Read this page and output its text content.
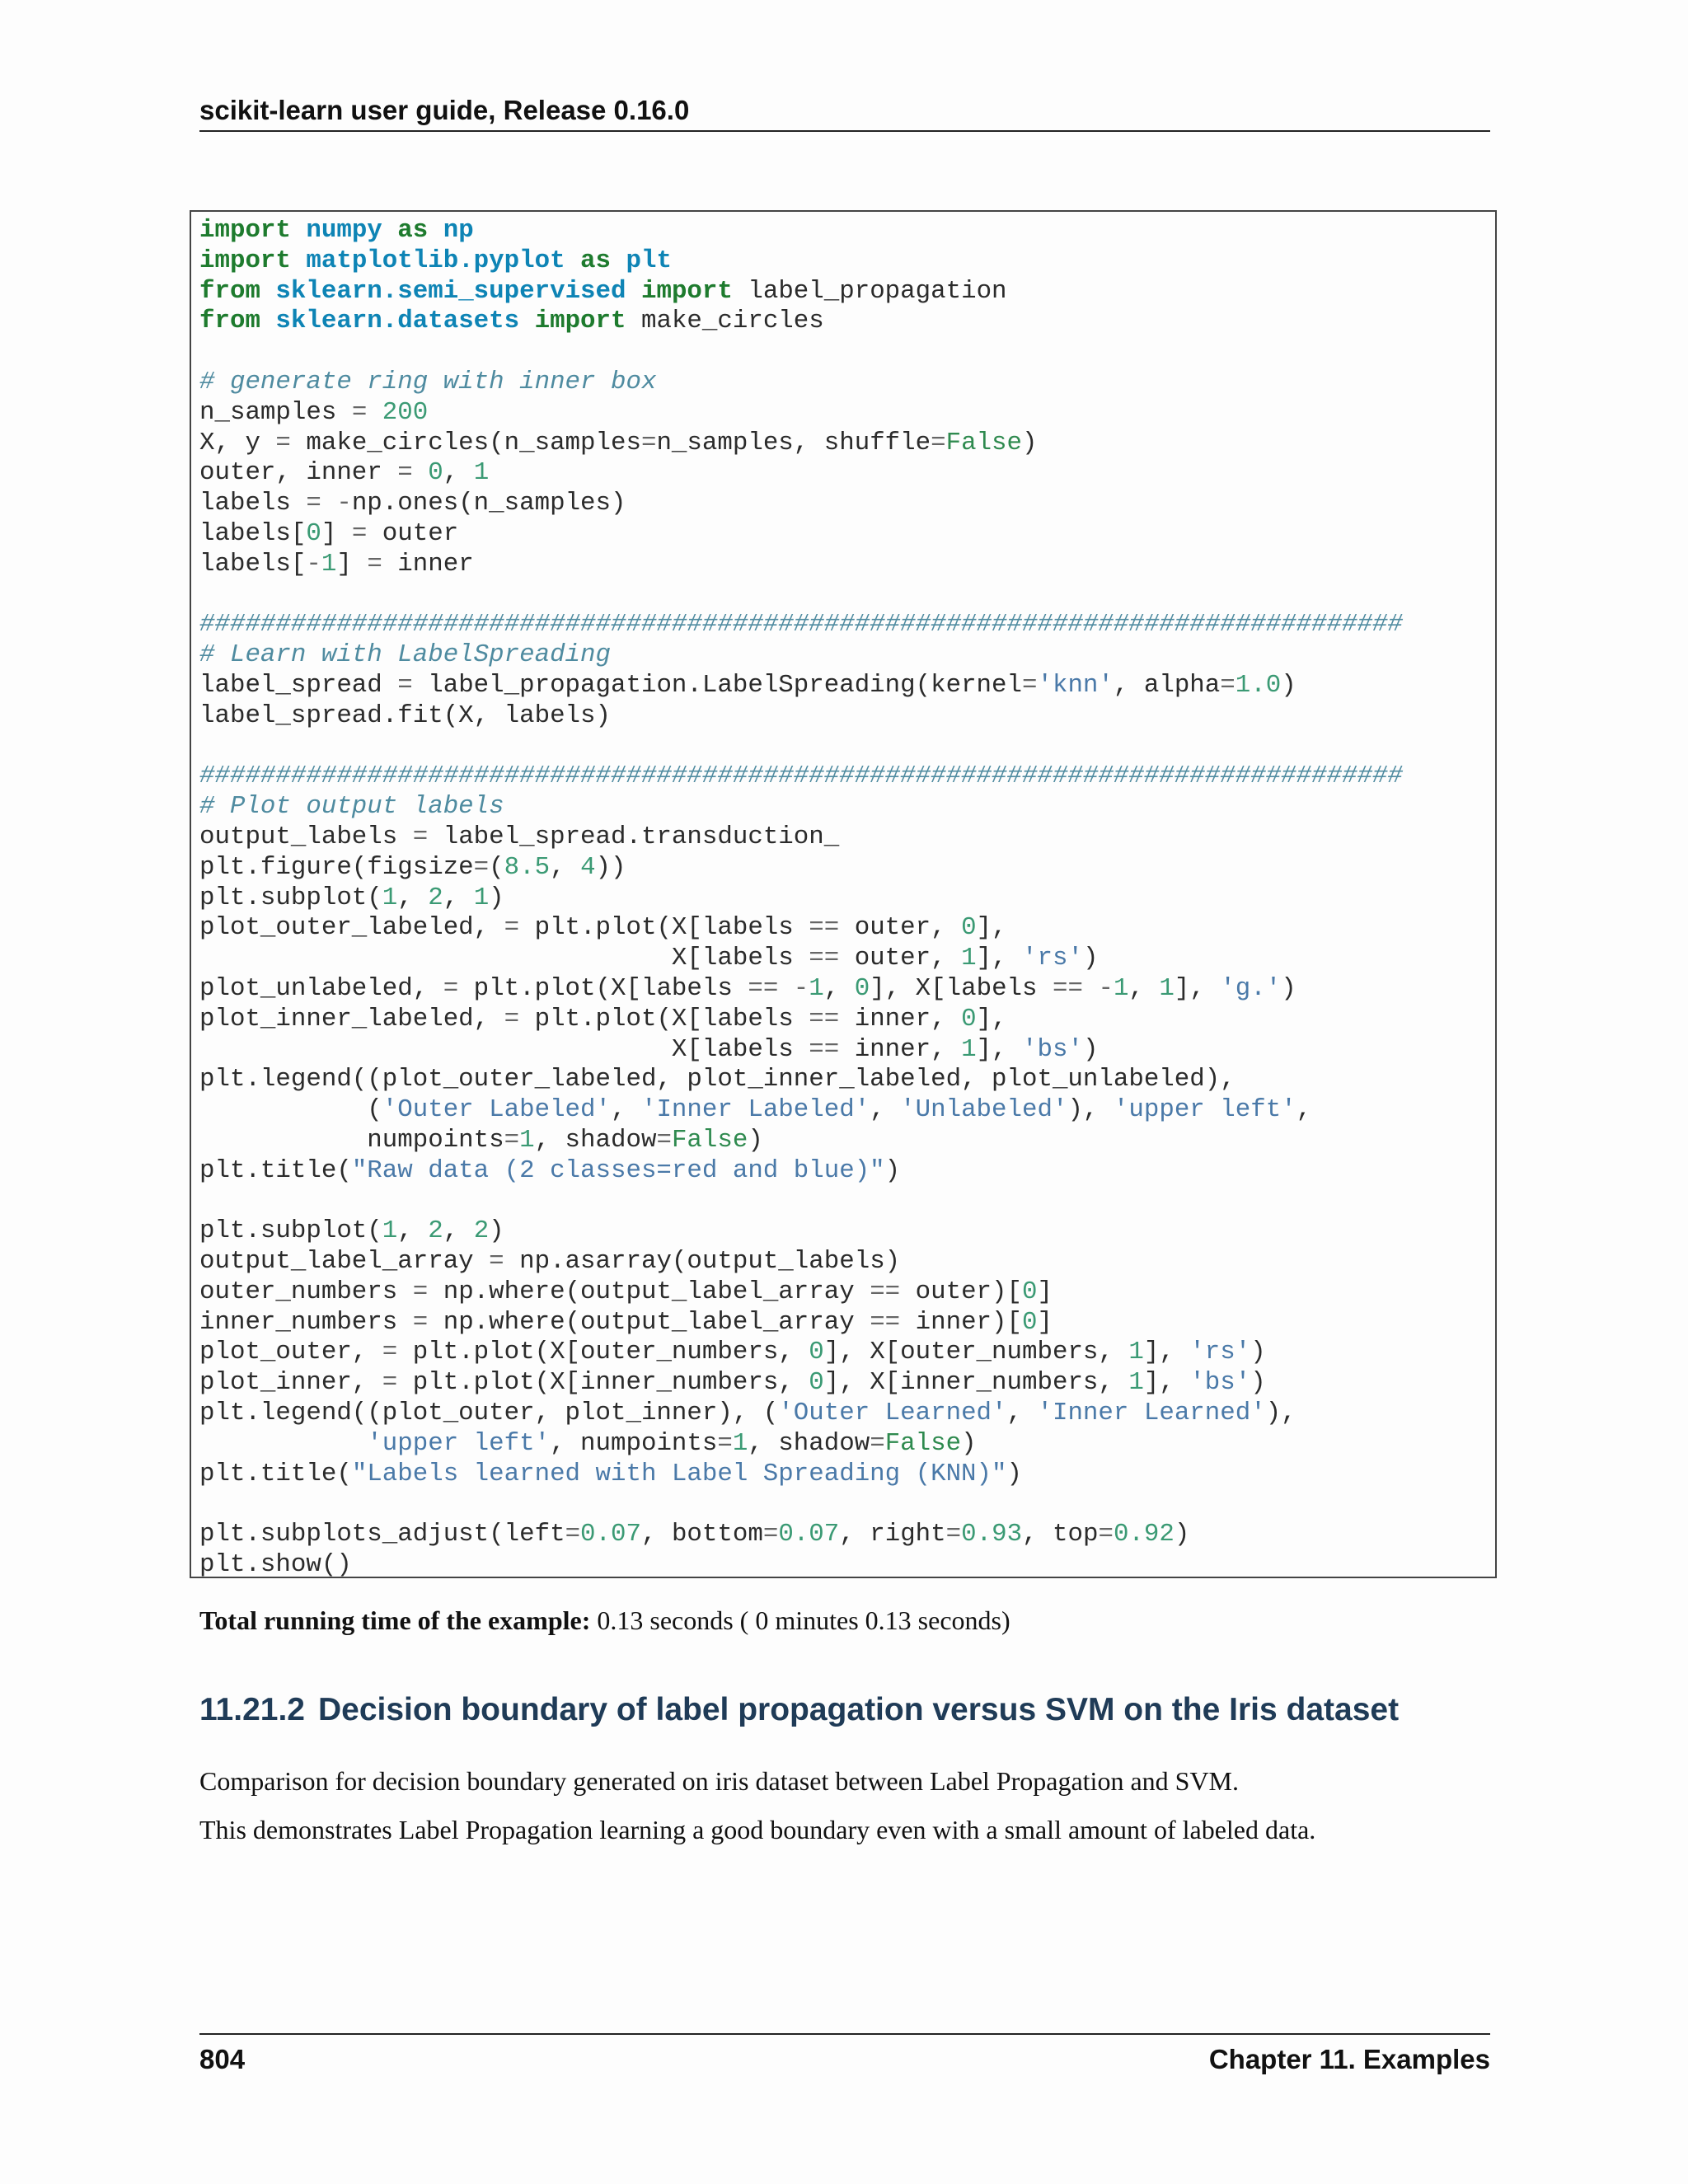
scikit-learn user guide, Release 0.16.0
import numpy as np
import matplotlib.pyplot as plt
from sklearn.semi_supervised import label_propagation
from sklearn.datasets import make_circles
# generate ring with inner box
n_samples = 200
X, y = make_circles(n_samples=n_samples, shuffle=False)
outer, inner = 0, 1
labels = -np.ones(n_samples)
labels[0] = outer
labels[-1] = inner
###############################################################################
# Learn with LabelSpreading
label_spread = label_propagation.LabelSpreading(kernel='knn', alpha=1.0)
label_spread.fit(X, labels)
###############################################################################
# Plot output labels
output_labels = label_spread.transduction_
plt.figure(figsize=(8.5, 4))
plt.subplot(1, 2, 1)
plot_outer_labeled, = plt.plot(X[labels == outer, 0],
X[labels == outer, 1], 'rs')
plot_unlabeled, = plt.plot(X[labels == -1, 0], X[labels == -1, 1], 'g.')
plot_inner_labeled, = plt.plot(X[labels == inner, 0],
X[labels == inner, 1], 'bs')
plt.legend((plot_outer_labeled, plot_inner_labeled, plot_unlabeled),
('Outer Labeled', 'Inner Labeled', 'Unlabeled'), 'upper left',
numpoints=1, shadow=False)
plt.title("Raw data (2 classes=red and blue)")
plt.subplot(1, 2, 2)
output_label_array = np.asarray(output_labels)
outer_numbers = np.where(output_label_array == outer)[0]
inner_numbers = np.where(output_label_array == inner)[0]
plot_outer, = plt.plot(X[outer_numbers, 0], X[outer_numbers, 1], 'rs')
plot_inner, = plt.plot(X[inner_numbers, 0], X[inner_numbers, 1], 'bs')
plt.legend((plot_outer, plot_inner), ('Outer Learned', 'Inner Learned'),
'upper left', numpoints=1, shadow=False)
plt.title("Labels learned with Label Spreading (KNN)")
plt.subplots_adjust(left=0.07, bottom=0.07, right=0.93, top=0.92)
plt.show()
Total running time of the example: 0.13 seconds ( 0 minutes 0.13 seconds)
11.21.2 Decision boundary of label propagation versus SVM on the Iris dataset

Comparison for decision boundary generated on iris dataset between Label Propagation and SVM.

This demonstrates Label Propagation learning a good boundary even with a small amount of labeled data.

804	Chapter 11. Examples
